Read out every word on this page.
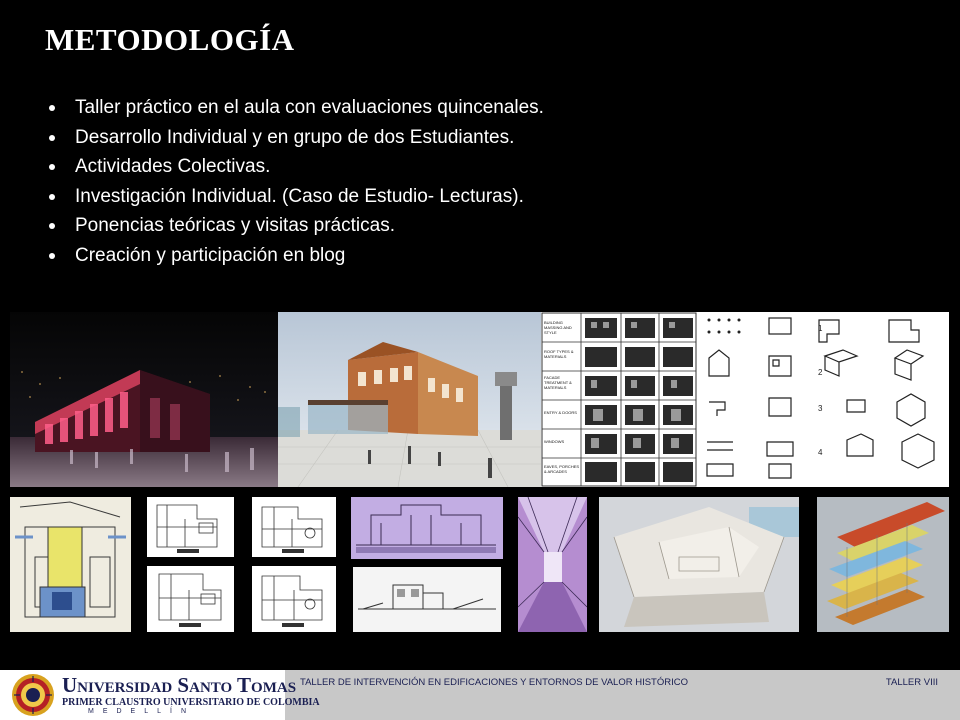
METODOLOGÍA
Taller práctico en el aula con evaluaciones quincenales.
Desarrollo Individual y en grupo de dos Estudiantes.
Actividades Colectivas.
Investigación Individual. (Caso de Estudio- Lecturas).
Ponencias teóricas y visitas prácticas.
Creación y participación en blog
BUILDING MASSING AND STYLE
ROOF TYPES & MATERIALS
FACADE TREATMENT & MATERIALS
ENTRY & DOORS
WINDOWS
EAVES, PORCHES & ARCADES
1
2
3
4
Universidad Santo Tomas
PRIMER CLAUSTRO UNIVERSITARIO DE COLOMBIA
MEDELLÍN
TALLER DE INTERVENCIÓN EN EDIFICACIONES Y ENTORNOS DE VALOR HISTÓRICO	TALLER VIII
